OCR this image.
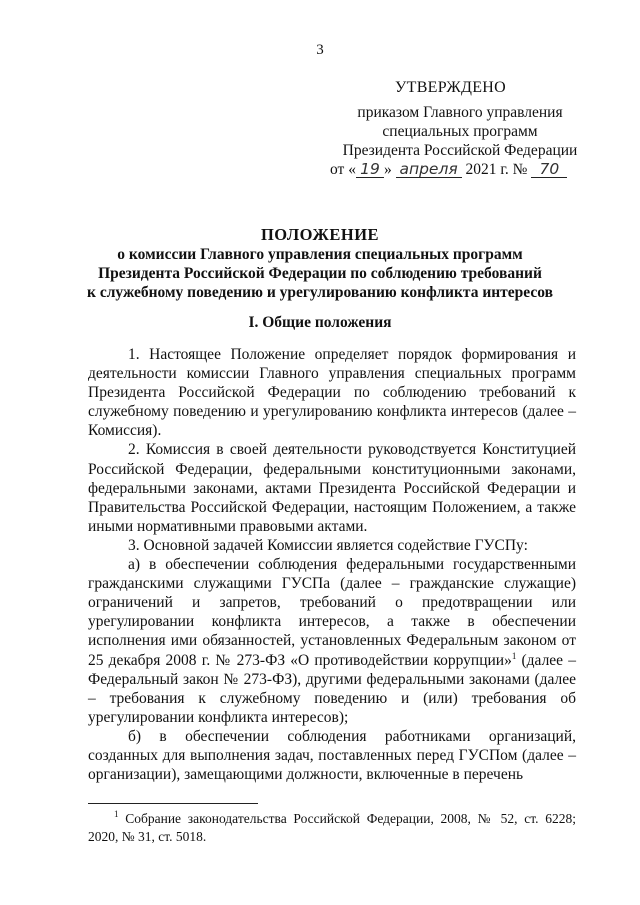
3
УТВЕРЖДЕНО
приказом Главного управления
специальных программ
Президента Российской Федерации
от « 19 » апреля 2021 г. № 70
ПОЛОЖЕНИЕ
о комиссии Главного управления специальных программ
Президента Российской Федерации по соблюдению требований
к служебному поведению и урегулированию конфликта интересов
I. Общие положения

1. Настоящее Положение определяет порядок формирования и деятельности комиссии Главного управления специальных программ Президента Российской Федерации по соблюдению требований к служебному поведению и урегулированию конфликта интересов (далее – Комиссия).

2. Комиссия в своей деятельности руководствуется Конституцией Российской Федерации, федеральными конституционными законами, федеральными законами, актами Президента Российской Федерации и Правительства Российской Федерации, настоящим Положением, а также иными нормативными правовыми актами.

3. Основной задачей Комиссии является содействие ГУСПу:

а) в обеспечении соблюдения федеральными государственными гражданскими служащими ГУСПа (далее – гражданские служащие) ограничений и запретов, требований о предотвращении или урегулировании конфликта интересов, а также в обеспечении исполнения ими обязанностей, установленных Федеральным законом от 25 декабря 2008 г. № 273-ФЗ «О противодействии коррупции»$^1$ (далее – Федеральный закон № 273-ФЗ), другими федеральными законами (далее – требования к служебному поведению и (или) требования об урегулировании конфликта интересов);

б) в обеспечении соблюдения работниками организаций, созданных для выполнения задач, поставленных перед ГУСПом (далее – организации), замещающими должности, включенные в перечень

$^1$ Собрание законодательства Российской Федерации, 2008, № 52, ст. 6228; 2020, № 31, ст. 5018.
